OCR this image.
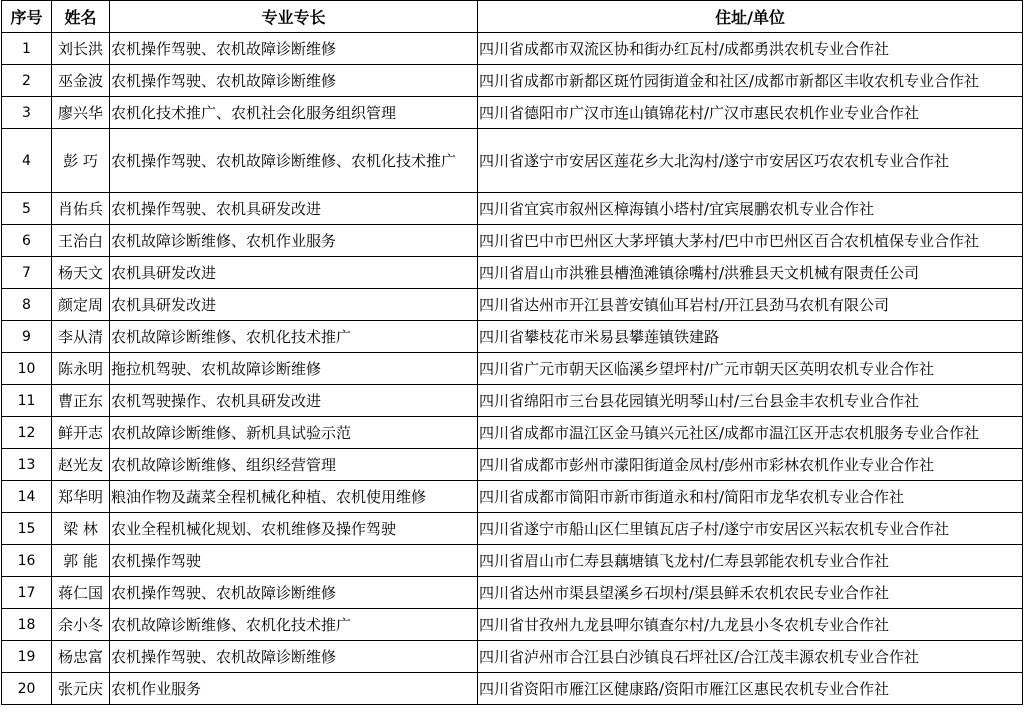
序号	姓名	专业专长	住址/单位
1	刘长洪	农机操作驾驶、农机故障诊断维修	四川省成都市双流区协和街办红瓦村/成都勇洪农机专业合作社
2	巫金波	农机操作驾驶、农机故障诊断维修	四川省成都市新都区斑竹园街道金和社区/成都市新都区丰收农机专业合作社
3	廖兴华	农机化技术推广、农机社会化服务组织管理	四川省德阳市广汉市连山镇锦花村/广汉市惠民农机作业专业合作社
4	彭 巧	农机操作驾驶、农机故障诊断维修、农机化技术推广	四川省遂宁市安居区莲花乡大北沟村/遂宁市安居区巧农农机专业合作社
5	肖佑兵	农机操作驾驶、农机具研发改进	四川省宜宾市叙州区樟海镇小塔村/宜宾展鹏农机专业合作社
6	王治白	农机故障诊断维修、农机作业服务	四川省巴中市巴州区大茅坪镇大茅村/巴中市巴州区百合农机植保专业合作社
7	杨天文	农机具研发改进	四川省眉山市洪雅县槽渔滩镇徐嘴村/洪雅县天文机械有限责任公司
8	颜定周	农机具研发改进	四川省达州市开江县普安镇仙耳岩村/开江县劲马农机有限公司
9	李从清	农机故障诊断维修、农机化技术推广	四川省攀枝花市米易县攀莲镇铁建路
10	陈永明	拖拉机驾驶、农机故障诊断维修	四川省广元市朝天区临溪乡望坪村/广元市朝天区英明农机专业合作社
11	曹正东	农机驾驶操作、农机具研发改进	四川省绵阳市三台县花园镇光明琴山村/三台县金丰农机专业合作社
12	鲜开志	农机故障诊断维修、新机具试验示范	四川省成都市温江区金马镇兴元社区/成都市温江区开志农机服务专业合作社
13	赵光友	农机故障诊断维修、组织经营管理	四川省成都市彭州市濛阳街道金凤村/彭州市彩林农机作业专业合作社
14	郑华明	粮油作物及蔬菜全程机械化种植、农机使用维修	四川省成都市简阳市新市街道永和村/简阳市龙华农机专业合作社
15	梁 林	农业全程机械化规划、农机维修及操作驾驶	四川省遂宁市船山区仁里镇瓦店子村/遂宁市安居区兴耘农机专业合作社
16	郭 能	农机操作驾驶	四川省眉山市仁寿县藕塘镇飞龙村/仁寿县郭能农机专业合作社
17	蒋仁国	农机操作驾驶、农机故障诊断维修	四川省达州市渠县望溪乡石坝村/渠县鲜禾农机农民专业合作社
18	余小冬	农机故障诊断维修、农机化技术推广	四川省甘孜州九龙县呷尔镇查尔村/九龙县小冬农机专业合作社
19	杨忠富	农机操作驾驶、农机故障诊断维修	四川省泸州市合江县白沙镇良石坪社区/合江茂丰源农机专业合作社
20	张元庆	农机作业服务	四川省资阳市雁江区健康路/资阳市雁江区惠民农机专业合作社
